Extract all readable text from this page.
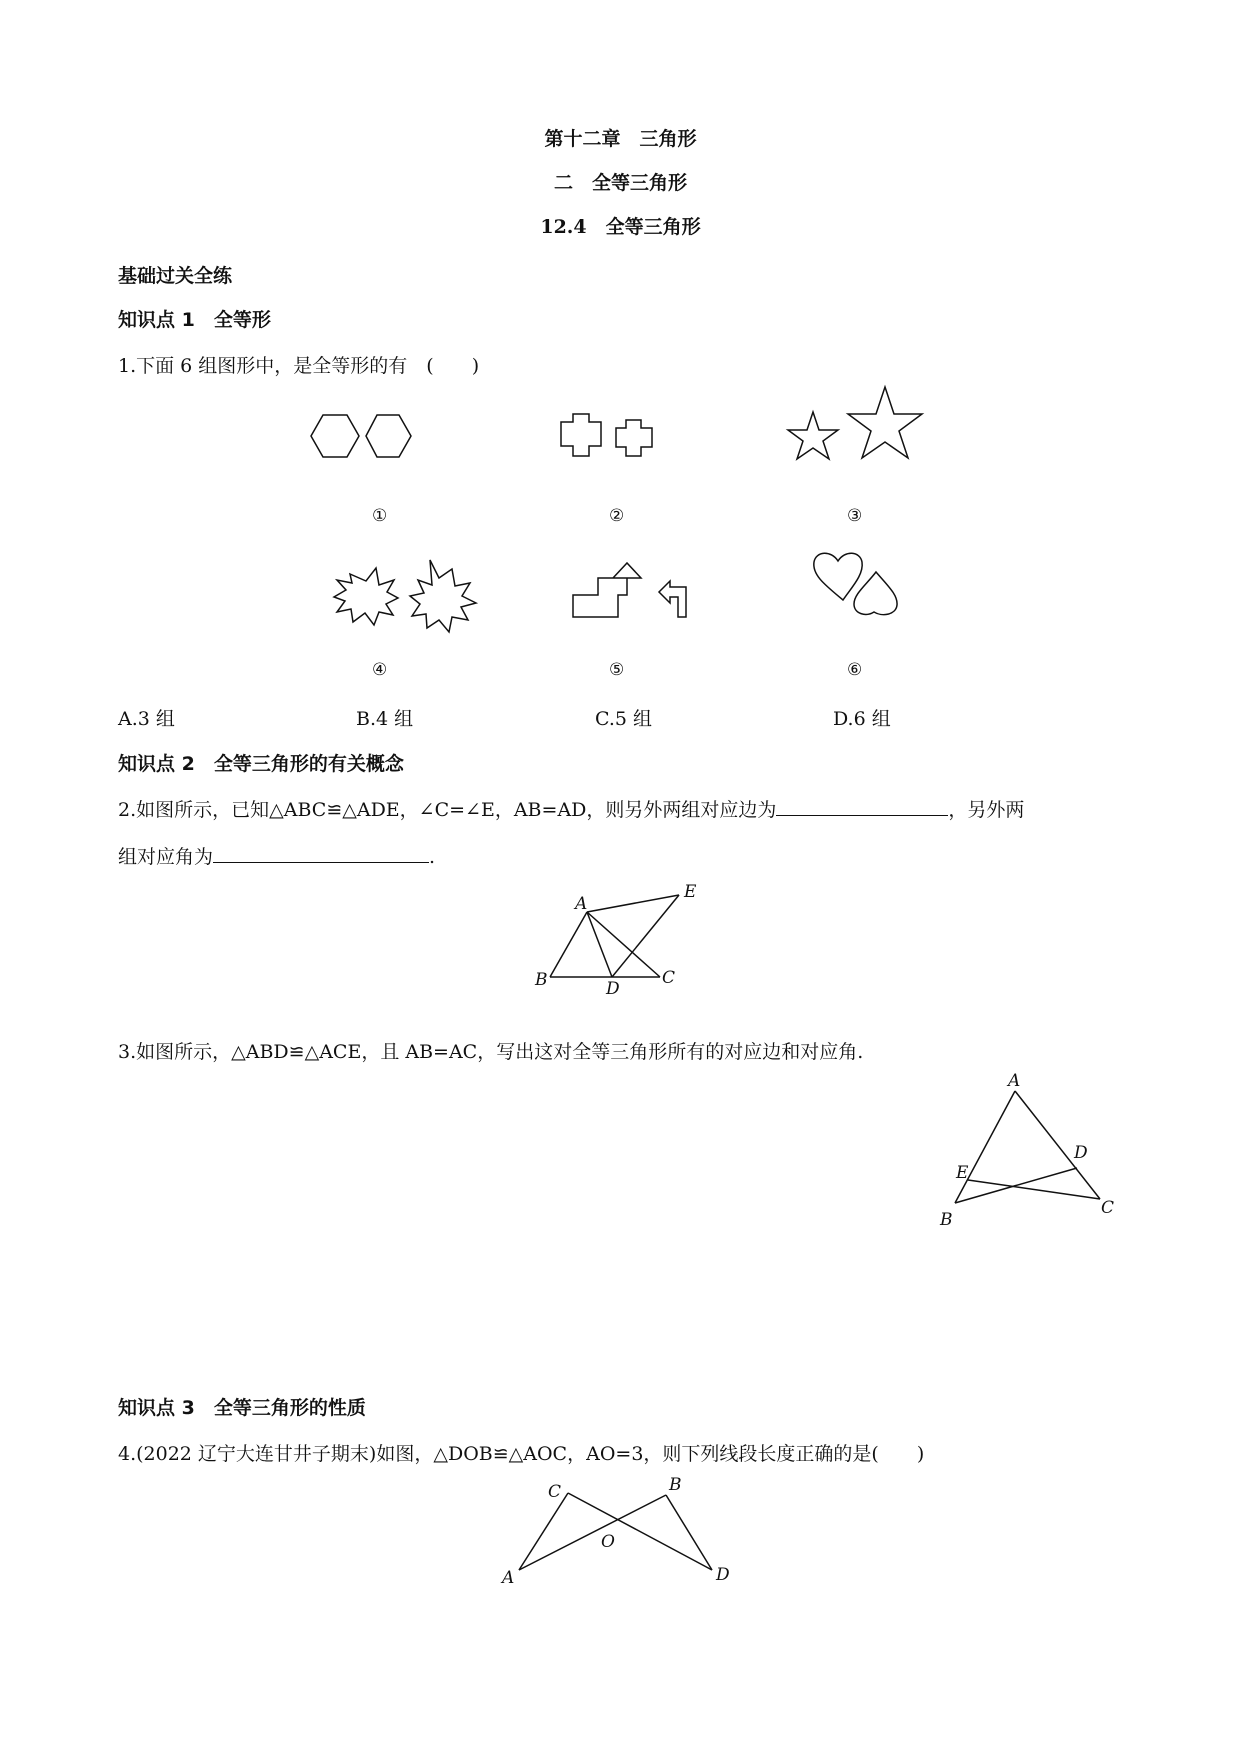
第十二章　三角形
二　全等三角形
12.4　全等三角形
基础过关全练
知识点 1　全等形
1.下面 6 组图形中，是全等形的有　(　　)
①	②	③
④	⑤	⑥
A.3 组	B.4 组	C.5 组	D.6 组
知识点 2　全等三角形的有关概念
2.如图所示，已知△ABC≌△ADE，∠C=∠E，AB=AD，则另外两组对应边为	，另外两
组对应角为	.
A
E
B	D
C
3.如图所示，△ABD≌△ACE，且 AB=AC，写出这对全等三角形所有的对应边和对应角.
A
E
D
B
C
知识点 3　全等三角形的性质
4.(2022 辽宁大连甘井子期末)如图，△DOB≌△AOC，AO=3，则下列线段长度正确的是(　　)
C	B
O
A	D
